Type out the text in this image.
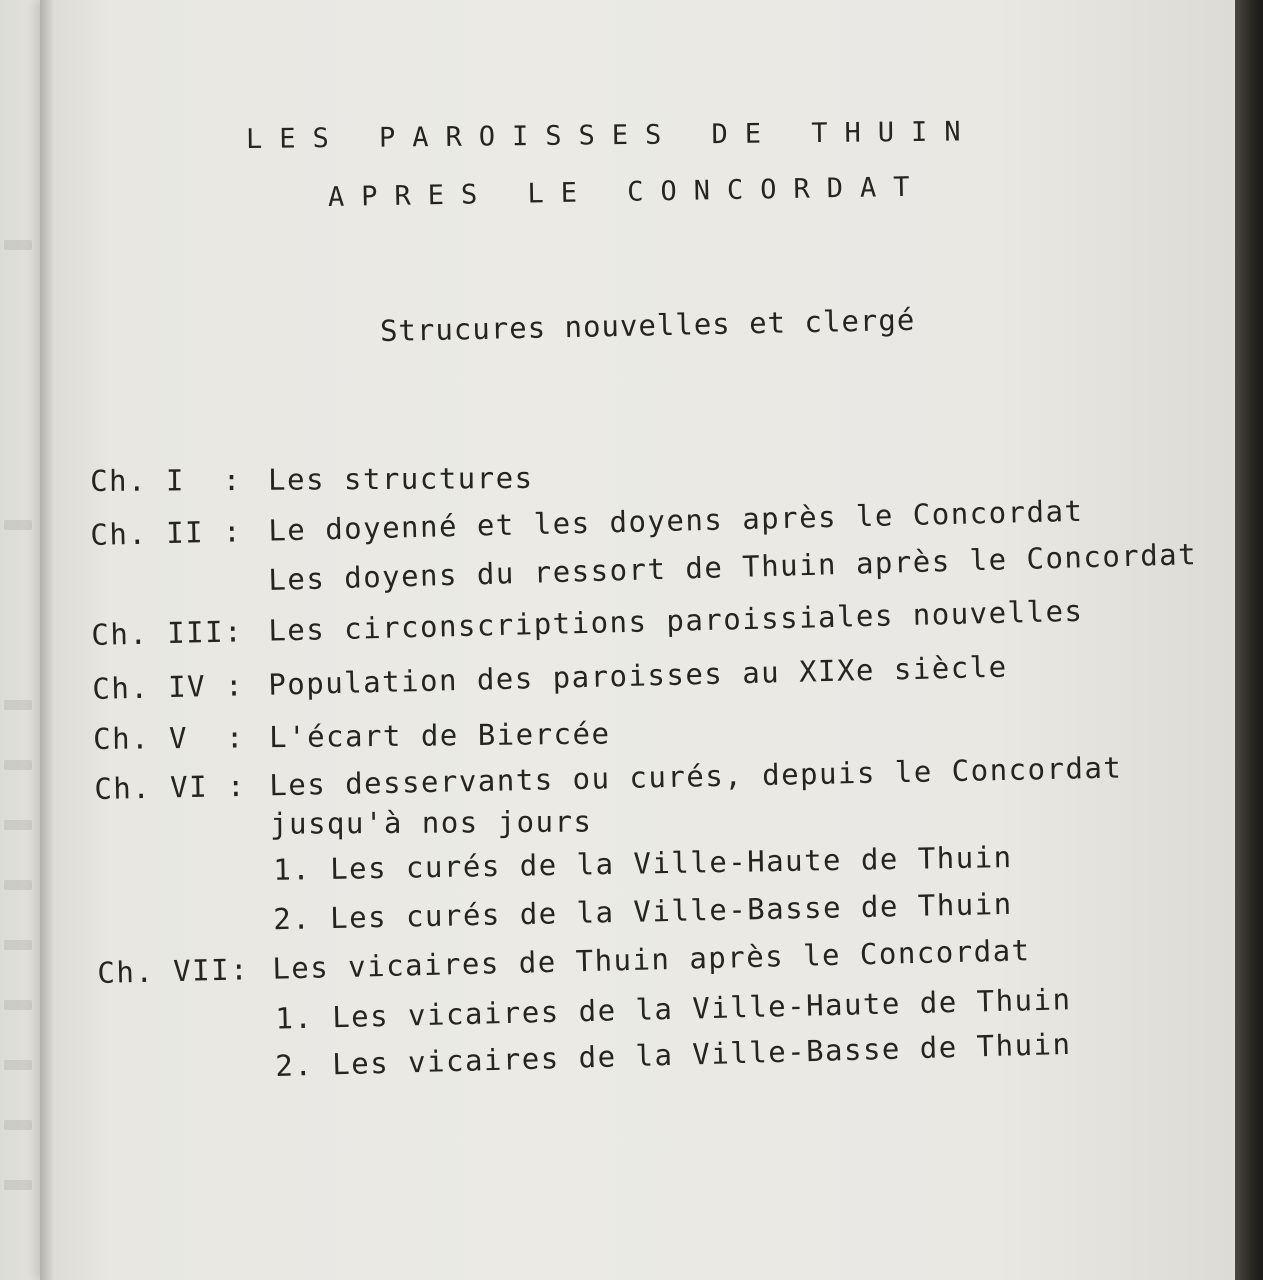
LES PAROISSES DE THUIN
APRES LE CONCORDAT
Strucures nouvelles et clergé
Ch. I  : Les structures
Ch. II : Le doyenné et les doyens après le Concordat
Les doyens du ressort de Thuin après le Concordat
Ch. III: Les circonscriptions paroissiales nouvelles
Ch. IV : Population des paroisses au XIXe siècle
Ch. V  : L'écart de Biercée
Ch. VI : Les desservants ou curés, depuis le Concordat
jusqu'à nos jours
1. Les curés de la Ville-Haute de Thuin
2. Les curés de la Ville-Basse de Thuin
Ch. VII: Les vicaires de Thuin après le Concordat
1. Les vicaires de la Ville-Haute de Thuin
2. Les vicaires de la Ville-Basse de Thuin
